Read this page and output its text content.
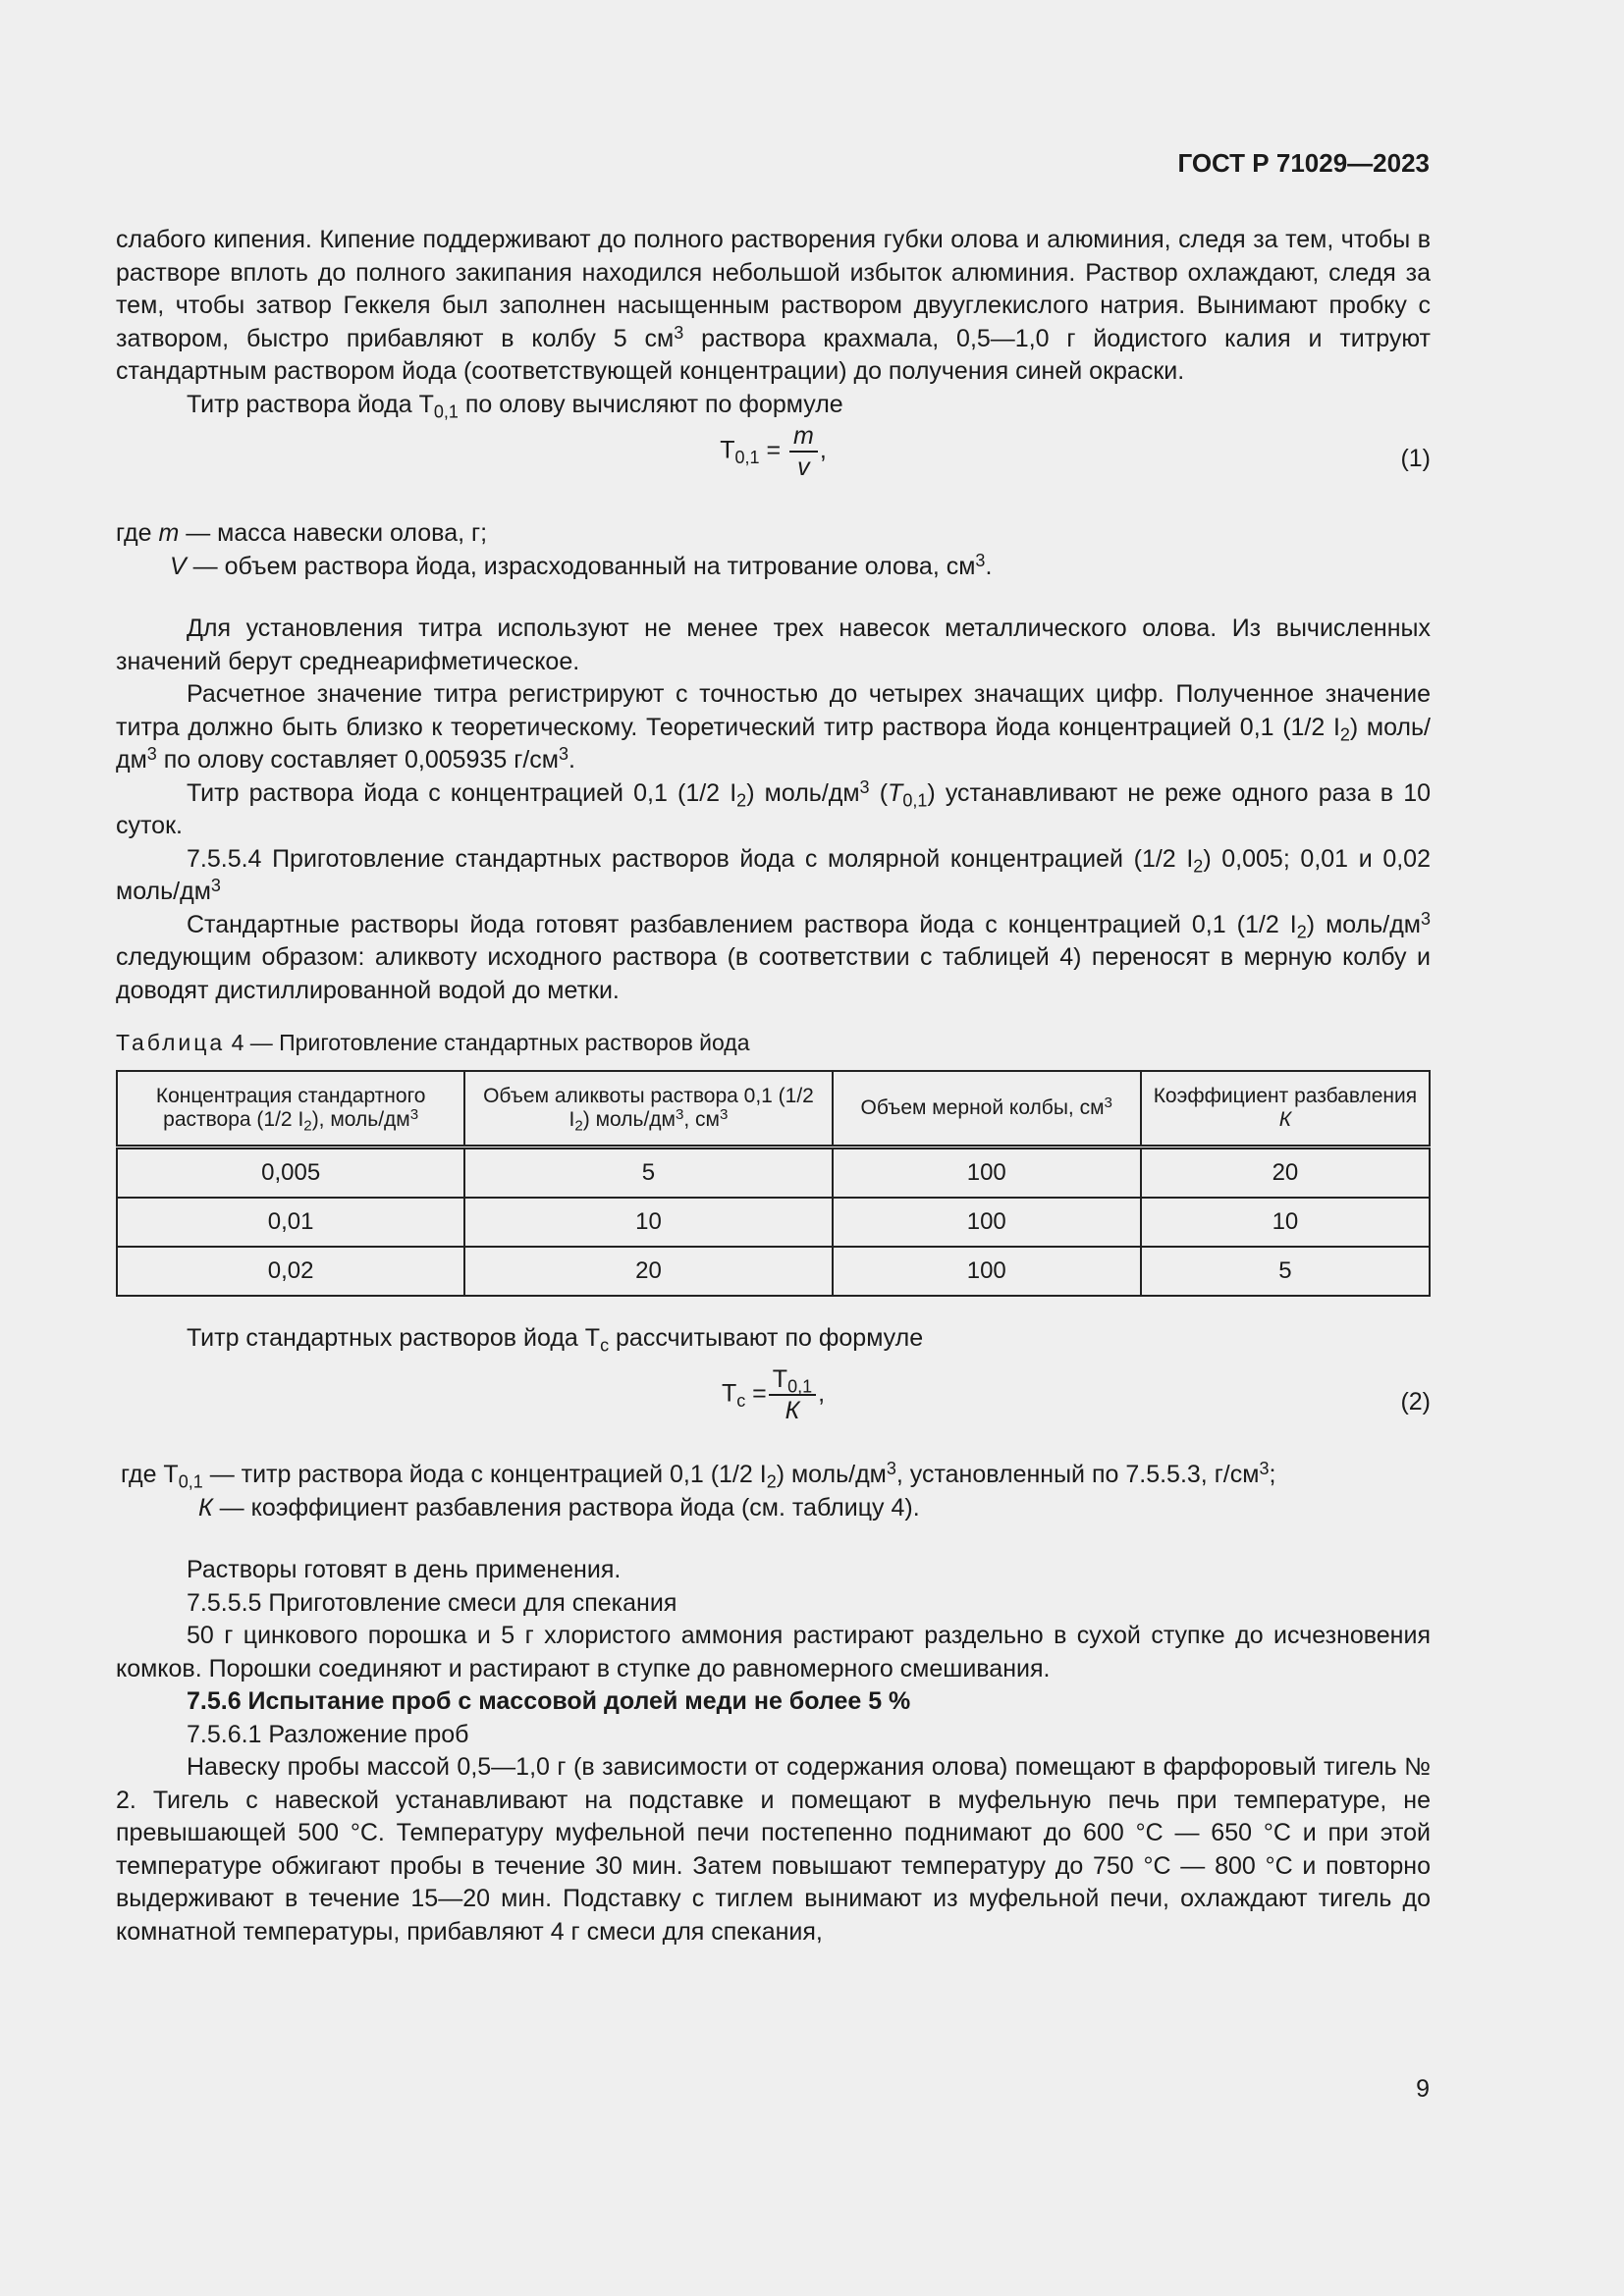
ГОСТ Р 71029—2023

слабого кипения. Кипение поддерживают до полного растворения губки олова и алюминия, следя за тем, чтобы в растворе вплоть до полного закипания находился небольшой избыток алюминия. Раствор охлаждают, следя за тем, чтобы затвор Геккеля был заполнен насыщенным раствором двууглекислого натрия. Вынимают пробку с затвором, быстро прибавляют в колбу 5 $см^3$ раствора крахмала, 0,5—1,0 г йодистого калия и титруют стандартным раствором йода (соответствующей концентрации) до получения синей окраски.

Титр раствора йода $Т_{0,1}$ по олову вычисляют по формуле

$Т_{0,1} = \frac{m}{v}$ ,	(1)

где m — масса навески олова, г;

V — объем раствора йода, израсходованный на титрование олова, $см^3$.

Для установления титра используют не менее трех навесок металлического олова. Из вычисленных значений берут среднеарифметическое.

Расчетное значение титра регистрируют с точностью до четырех значащих цифр. Полученное значение титра должно быть близко к теоретическому. Теоретический титр раствора йода концентрацией 0,1 (1/2 $I_2$) моль/$дм^3$ по олову составляет 0,005935 $г/см^3$.

Титр раствора йода с концентрацией 0,1 (1/2 $I_2$) моль/$дм^3$ $(Т_{0,1})$ устанавливают не реже одного раза в 10 суток.

7.5.5.4 Приготовление стандартных растворов йода с молярной концентрацией (1/2 $I_2$) 0,005; 0,01 и 0,02 моль/$дм^3$

Стандартные растворы йода готовят разбавлением раствора йода с концентрацией 0,1 (1/2 $I_2$) моль/$дм^3$ следующим образом: аликвоту исходного раствора (в соответствии с таблицей 4) переносят в мерную колбу и доводят дистиллированной водой до метки.

Таблица 4 — Приготовление стандартных растворов йода
Концентрация стандартного раствора (1/2 $I_2$), моль/$дм^3$	Объем аликвоты раствора 0,1 (1/2 $I_2$) моль/$дм^3$, $см^3$	Объем мерной колбы, $см^3$	Коэффициент разбавления К
0,005	5	100	20
0,01	10	100	10
0,02	20	100	5

Титр стандартных растворов йода $Т_с$ рассчитывают по формуле

$Т_с = \frac{Т_{0,1}}{К}$ ,	(2)

где $Т_{0,1}$ — титр раствора йода с концентрацией 0,1 (1/2 $I_2$) моль/$дм^3$, установленный по 7.5.5.3, $г/см^3$;

К — коэффициент разбавления раствора йода (см. таблицу 4).

Растворы готовят в день применения.

7.5.5.5 Приготовление смеси для спекания

50 г цинкового порошка и 5 г хлористого аммония растирают раздельно в сухой ступке до исчезновения комков. Порошки соединяют и растирают в ступке до равномерного смешивания.

7.5.6 Испытание проб с массовой долей меди не более 5 %

7.5.6.1 Разложение проб

Навеску пробы массой 0,5—1,0 г (в зависимости от содержания олова) помещают в фарфоровый тигель № 2. Тигель с навеской устанавливают на подставке и помещают в муфельную печь при температуре, не превышающей 500 °С. Температуру муфельной печи постепенно поднимают до 600 °С — 650 °С и при этой температуре обжигают пробы в течение 30 мин. Затем повышают температуру до 750 °С — 800 °С и повторно выдерживают в течение 15—20 мин. Подставку с тиглем вынимают из муфельной печи, охлаждают тигель до комнатной температуры, прибавляют 4 г смеси для спекания,

9
